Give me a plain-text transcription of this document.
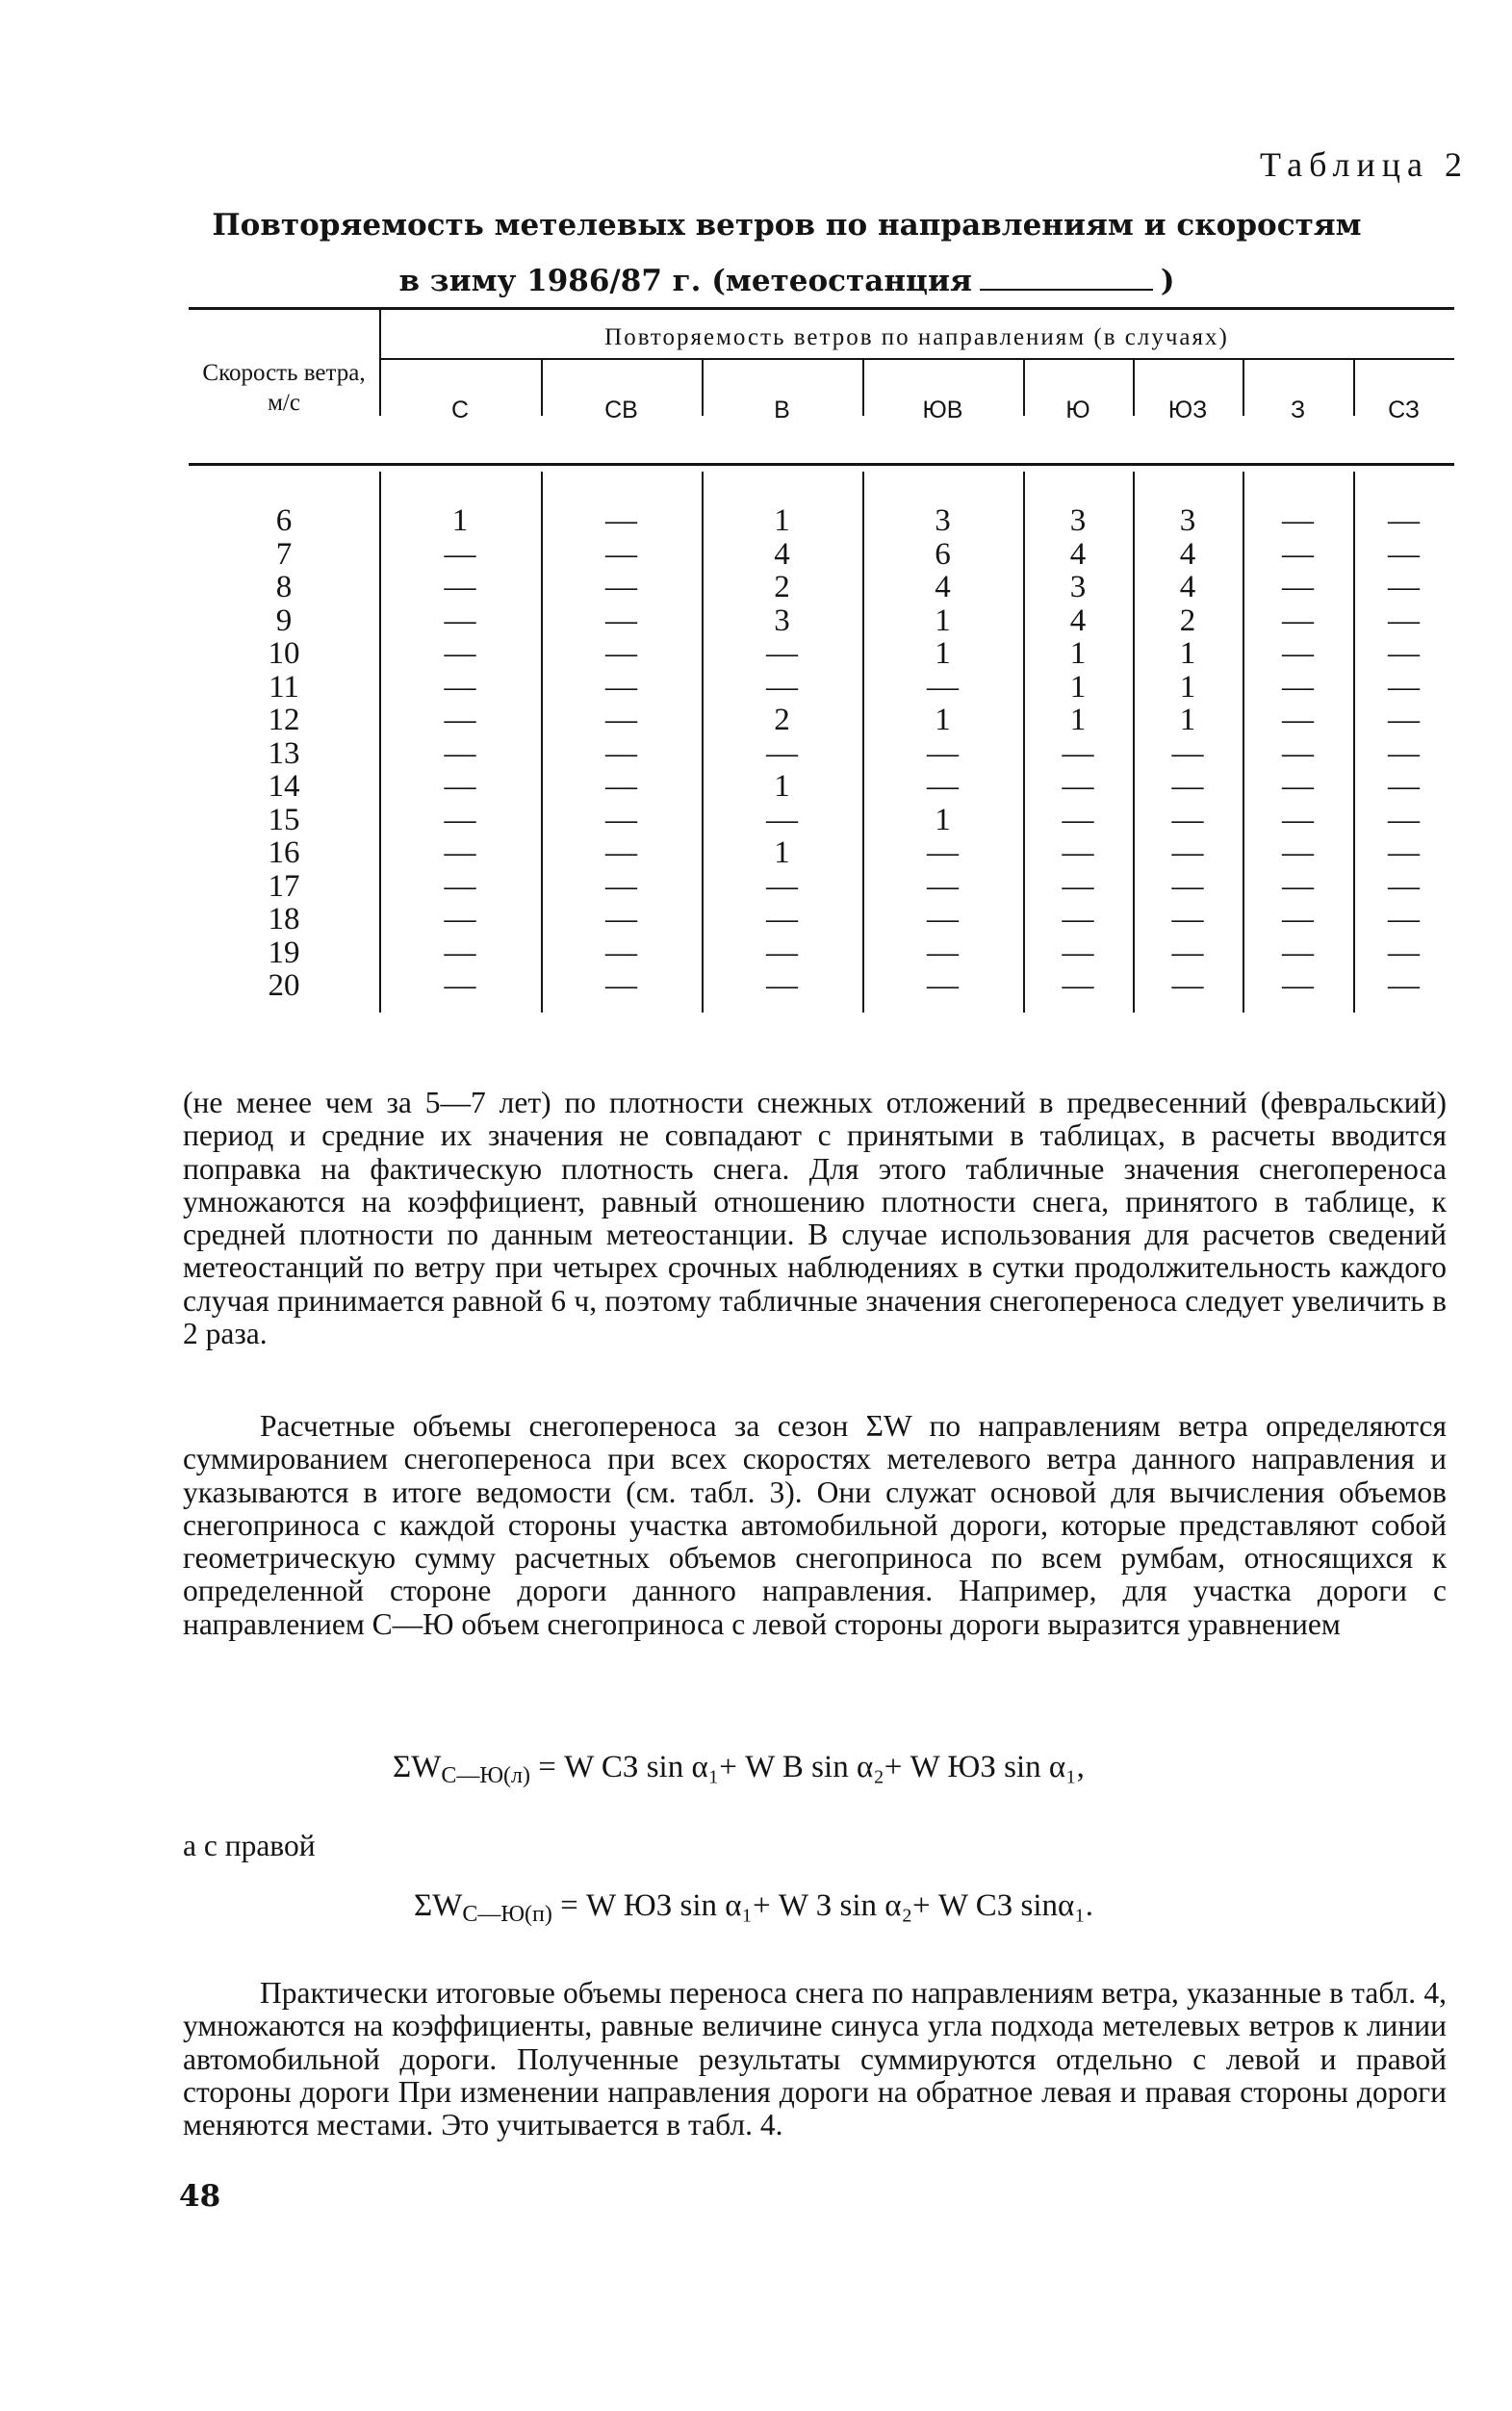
Таблица 2
Повторяемость метелевых ветров по направлениям и скоростям
в зиму 1986/87 г. (метеостанция	)
Скорость ветра, м/с
Повторяемость ветров по направлениям (в случаях)
С	СВ	В	ЮВ	Ю	ЮЗ	З	СЗ
6	1	—	1	3	3	3	—	—
7	—	—	4	6	4	4	—	—
8	—	—	2	4	3	4	—	—
9	—	—	3	1	4	2	—	—
10	—	—	—	1	1	1	—	—
11	—	—	—	—	1	1	—	—
12	—	—	2	1	1	1	—	—
13	—	—	—	—	—	—	—	—
14	—	—	1	—	—	—	—	—
15	—	—	—	1	—	—	—	—
16	—	—	1	—	—	—	—	—
17	—	—	—	—	—	—	—	—
18	—	—	—	—	—	—	—	—
19	—	—	—	—	—	—	—	—
20	—	—	—	—	—	—	—	—
(не менее чем за 5—7 лет) по плотности снежных отложений в предвесенний (февральский) период и средние их значения не совпадают с принятыми в таблицах, в расчеты вводится поправка на фактическую плотность снега. Для этого табличные значения снегопереноса умножаются на коэффициент, равный отношению плотности снега, принятого в таблице, к средней плотности по данным метеостанции. В случае использования для расчетов сведений метеостанций по ветру при четырех срочных наблюдениях в сутки продолжительность каждого случая принимается равной 6 ч, поэтому табличные значения снегопереноса следует увеличить в 2 раза.
Расчетные объемы снегопереноса за сезон ΣW по направлениям ветра определяются суммированием снегопереноса при всех скоростях метелевого ветра данного направления и указываются в итоге ведомости (см. табл. 3). Они служат основой для вычисления объемов снегоприноса с каждой стороны участка автомобильной дороги, которые представляют собой геометрическую сумму расчетных объемов снегоприноса по всем румбам, относящихся к определенной стороне дороги данного направления. Например, для участка дороги с направлением С—Ю объем снегоприноса с левой стороны дороги выразится уравнением
$\Sigma W_{С—Ю(л)} = W$ СЗ sin α₁+ W В sin α₂+ W ЮЗ sin α₁,
а с правой
$\Sigma W_{С—Ю(п)} = W$ ЮЗ sin α₁+ W З sin α₂+ W СЗ sinα₁.
Практически итоговые объемы переноса снега по направлениям ветра, указанные в табл. 4, умножаются на коэффициенты, равные величине синуса угла подхода метелевых ветров к линии автомобильной дороги. Полученные результаты суммируются отдельно с левой и правой стороны дороги При изменении направления дороги на обратное левая и правая стороны дороги меняются местами. Это учитывается в табл. 4.
48
